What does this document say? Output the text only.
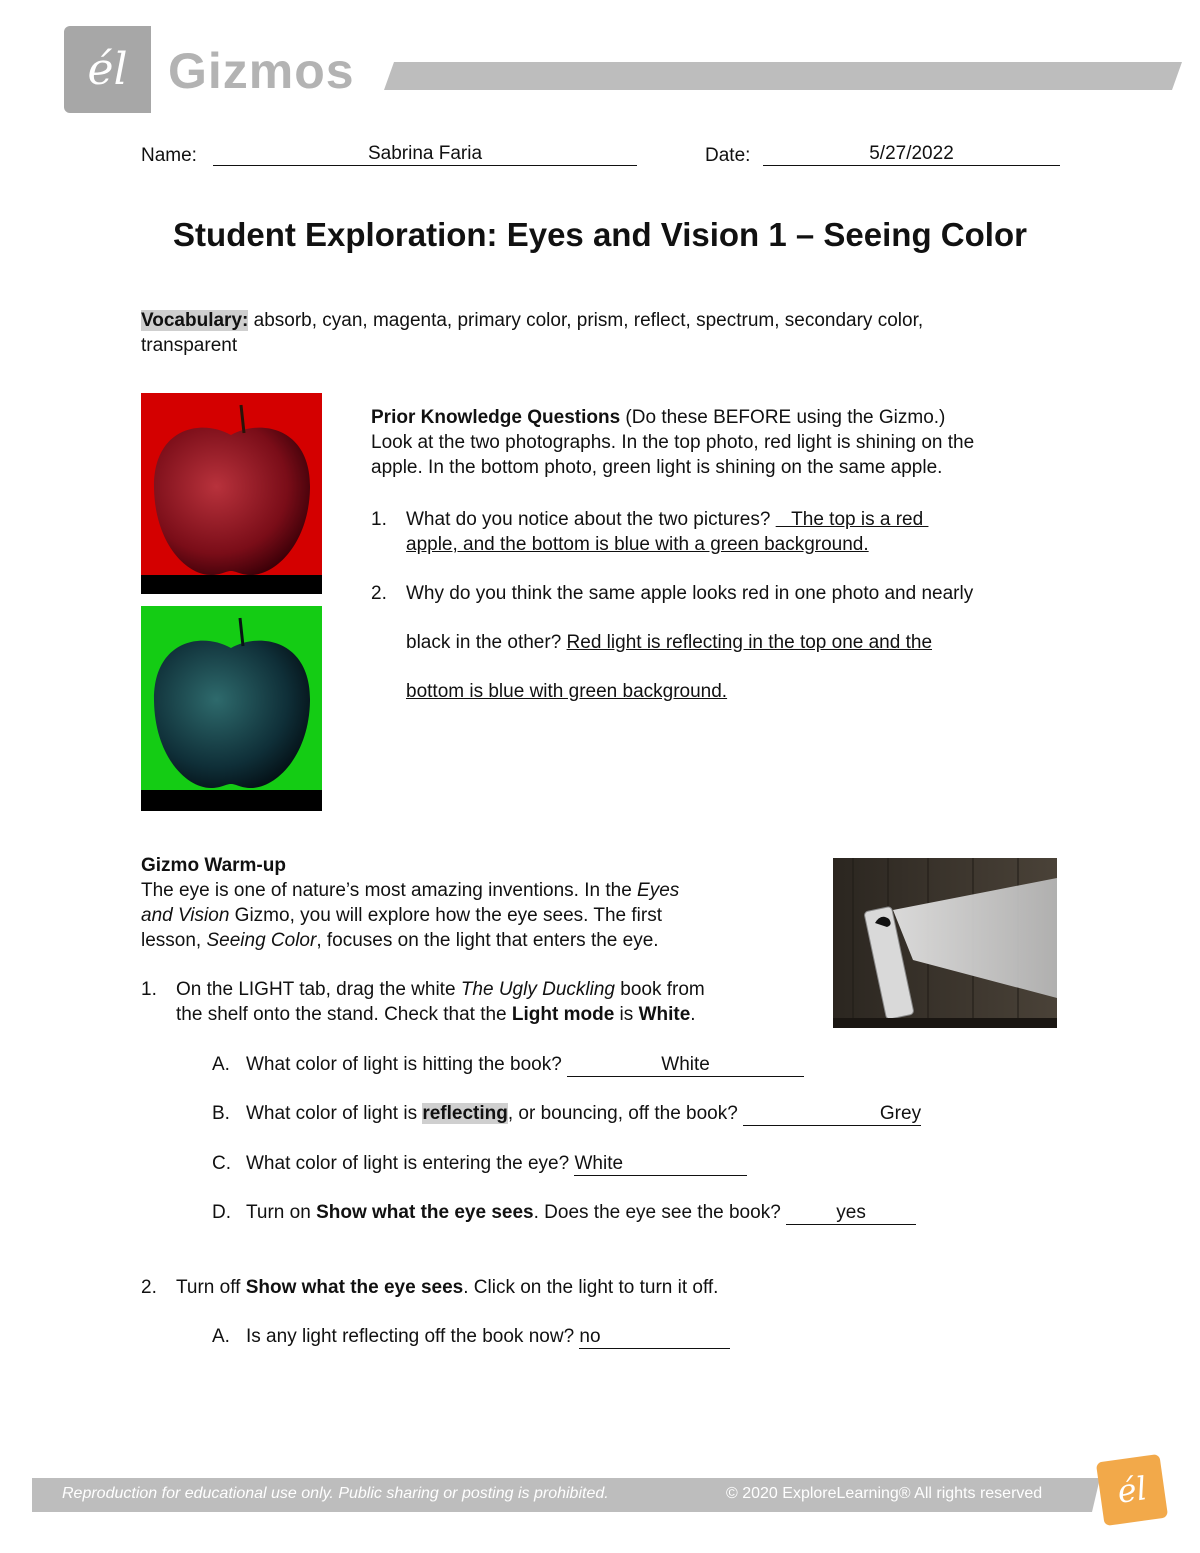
él Gizmos
Name:	Sabrina Faria	Date:	5/27/2022
Student Exploration: Eyes and Vision 1 – Seeing Color
Vocabulary: absorb, cyan, magenta, primary color, prism, reflect, spectrum, secondary color,
transparent
Prior Knowledge Questions (Do these BEFORE using the Gizmo.)
Look at the two photographs. In the top photo, red light is shining on the
apple. In the bottom photo, green light is shining on the same apple.
1. What do you notice about the two pictures?    The top is a red
apple, and the bottom is blue with a green background.
2. Why do you think the same apple looks red in one photo and nearly
black in the other? Red light is reflecting in the top one and the
bottom is blue with green background.
Gizmo Warm-up
The eye is one of nature’s most amazing inventions. In the Eyes
and Vision Gizmo, you will explore how the eye sees. The first
lesson, Seeing Color, focuses on the light that enters the eye.
1. On the LIGHT tab, drag the white The Ugly Duckling book from
the shelf onto the stand. Check that the Light mode is White.
A. What color of light is hitting the book?	White
B. What color of light is reflecting, or bouncing, off the book?	Grey
C. What color of light is entering the eye? White
D. Turn on Show what the eye sees. Does the eye see the book?	yes
2. Turn off Show what the eye sees. Click on the light to turn it off.
A. Is any light reflecting off the book now? no
Reproduction for educational use only. Public sharing or posting is prohibited.	© 2020 ExploreLearning® All rights reserved él
